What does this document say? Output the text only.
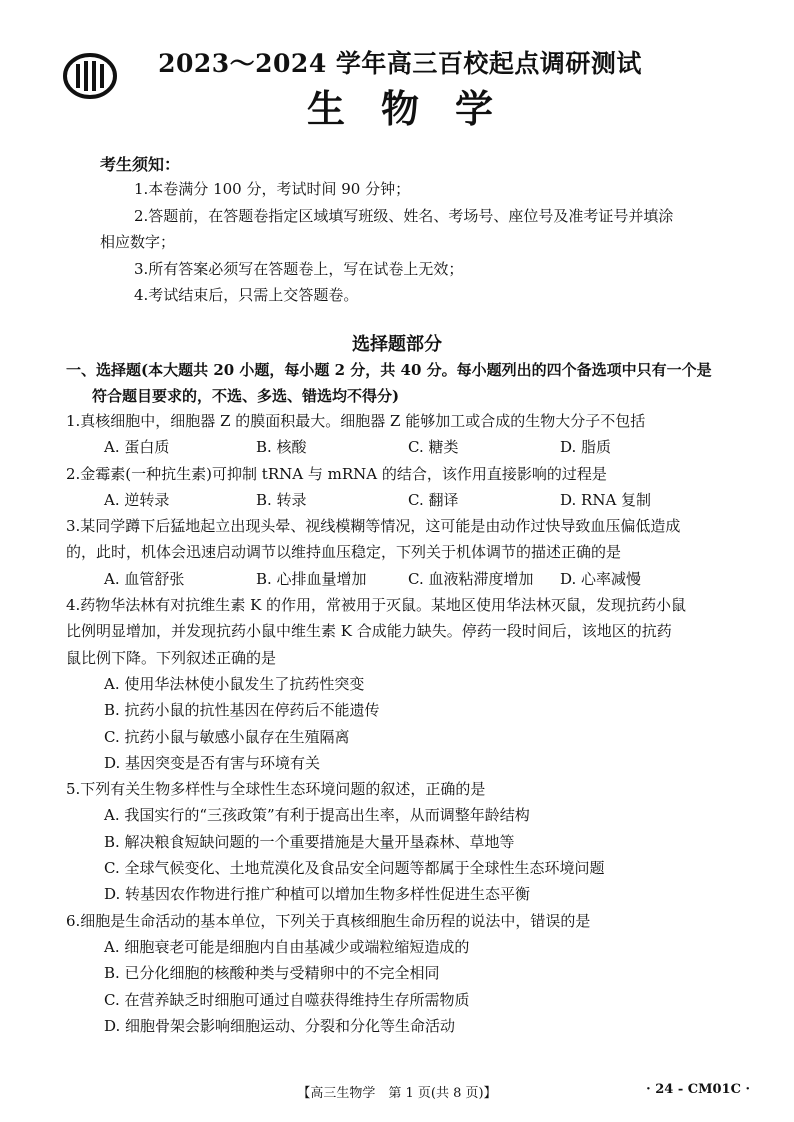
2023～2024 学年高三百校起点调研测试
生物学
考生须知：

1.本卷满分 100 分，考试时间 90 分钟；

2.答题前，在答题卷指定区域填写班级、姓名、考场号、座位号及准考证号并填涂

相应数字；

3.所有答案必须写在答题卷上，写在试卷上无效；

4.考试结束后，只需上交答题卷。

选择题部分
一、选择题(本大题共 20 小题，每小题 2 分，共 40 分。每小题列出的四个备选项中只有一个是
符合题目要求的，不选、多选、错选均不得分)

1.真核细胞中，细胞器 Z 的膜面积最大。细胞器 Z 能够加工或合成的生物大分子不包括

A. 蛋白质	B. 核酸	C. 糖类	D. 脂质

2.金霉素(一种抗生素)可抑制 tRNA 与 mRNA 的结合，该作用直接影响的过程是

A. 逆转录	B. 转录	C. 翻译	D. RNA 复制

3.某同学蹲下后猛地起立出现头晕、视线模糊等情况，这可能是由动作过快导致血压偏低造成

的，此时，机体会迅速启动调节以维持血压稳定，下列关于机体调节的描述正确的是

A. 血管舒张	B. 心排血量增加	C. 血液粘滞度增加	D. 心率减慢

4.药物华法林有对抗维生素 K 的作用，常被用于灭鼠。某地区使用华法林灭鼠，发现抗药小鼠

比例明显增加，并发现抗药小鼠中维生素 K 合成能力缺失。停药一段时间后，该地区的抗药

鼠比例下降。下列叙述正确的是

A. 使用华法林使小鼠发生了抗药性突变
B. 抗药小鼠的抗性基因在停药后不能遗传
C. 抗药小鼠与敏感小鼠存在生殖隔离
D. 基因突变是否有害与环境有关

5.下列有关生物多样性与全球性生态环境问题的叙述，正确的是

A. 我国实行的“三孩政策”有利于提高出生率，从而调整年龄结构
B. 解决粮食短缺问题的一个重要措施是大量开垦森林、草地等
C. 全球气候变化、土地荒漠化及食品安全问题等都属于全球性生态环境问题
D. 转基因农作物进行推广种植可以增加生物多样性促进生态平衡

6.细胞是生命活动的基本单位，下列关于真核细胞生命历程的说法中，错误的是

A. 细胞衰老可能是细胞内自由基减少或端粒缩短造成的
B. 已分化细胞的核酸种类与受精卵中的不完全相同
C. 在营养缺乏时细胞可通过自噬获得维持生存所需物质
D. 细胞骨架会影响细胞运动、分裂和分化等生命活动
【高三生物学　第 1 页(共 8 页)】	· 24 - CM01C ·
